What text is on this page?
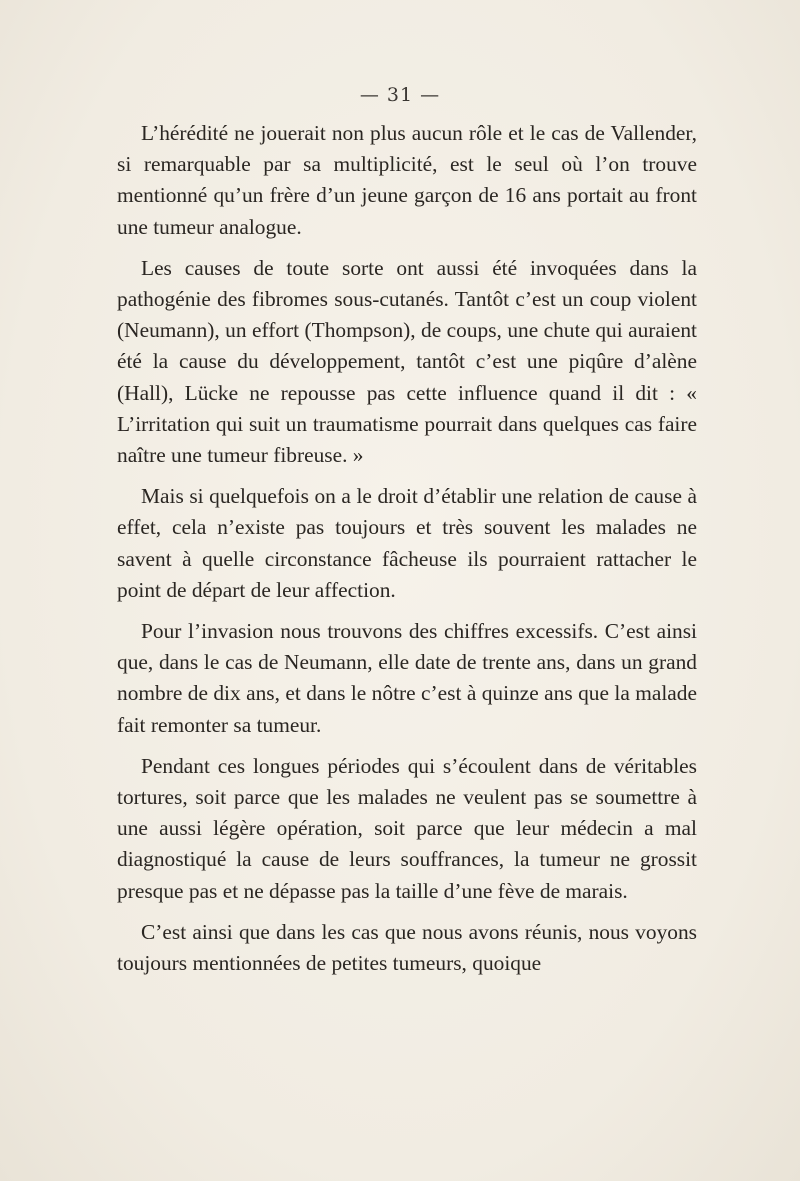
— 31 —

L’hérédité ne jouerait non plus aucun rôle et le cas de Vallender, si remarquable par sa multiplicité, est le seul où l’on trouve mentionné qu’un frère d’un jeune garçon de 16 ans portait au front une tumeur analogue.

Les causes de toute sorte ont aussi été invoquées dans la pathogénie des fibromes sous-cutanés. Tantôt c’est un coup violent (Neumann), un effort (Thompson), de coups, une chute qui auraient été la cause du développement, tantôt c’est une piqûre d’alène (Hall), Lücke ne repousse pas cette influence quand il dit : « L’irritation qui suit un traumatisme pourrait dans quelques cas faire naître une tumeur fibreuse. »

Mais si quelquefois on a le droit d’établir une relation de cause à effet, cela n’existe pas toujours et très souvent les malades ne savent à quelle circonstance fâcheuse ils pourraient rattacher le point de départ de leur affection.

Pour l’invasion nous trouvons des chiffres excessifs. C’est ainsi que, dans le cas de Neumann, elle date de trente ans, dans un grand nombre de dix ans, et dans le nôtre c’est à quinze ans que la malade fait remonter sa tumeur.

Pendant ces longues périodes qui s’écoulent dans de véritables tortures, soit parce que les malades ne veulent pas se soumettre à une aussi légère opération, soit parce que leur médecin a mal diagnostiqué la cause de leurs souffrances, la tumeur ne grossit presque pas et ne dépasse pas la taille d’une fève de marais.

C’est ainsi que dans les cas que nous avons réunis, nous voyons toujours mentionnées de petites tumeurs, quoique
